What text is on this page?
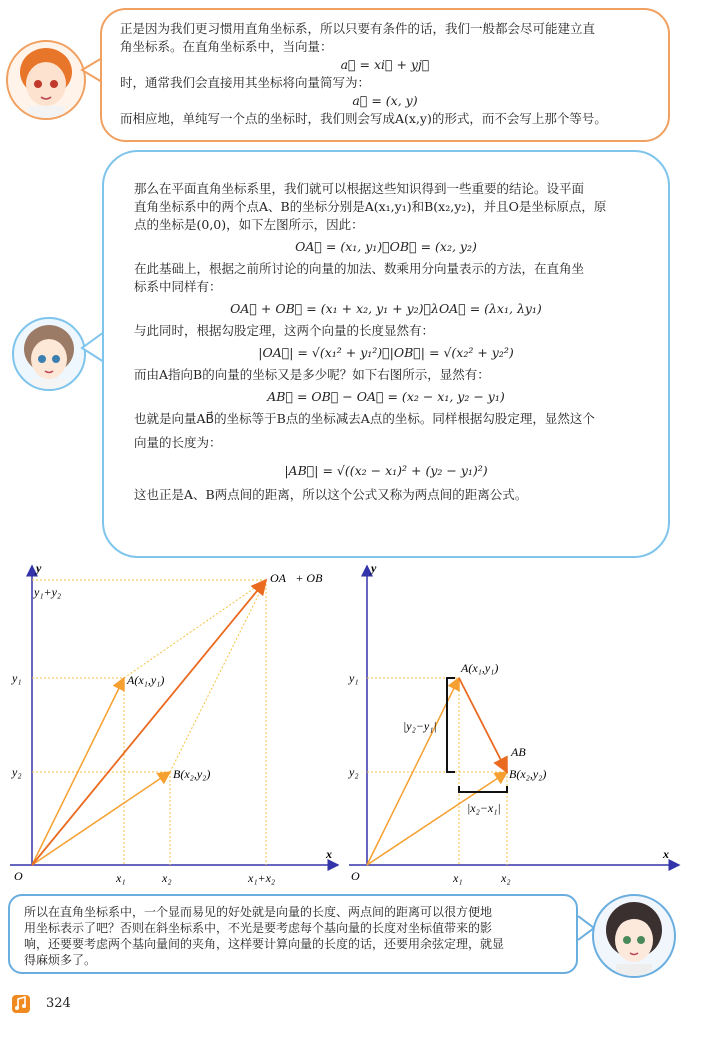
正是因为我们更习惯用直角坐标系，所以只要有条件的话，我们一般都会尽可能建立直

角坐标系。在直角坐标系中，当向量：

a⃗ = xi⃗ + yj⃗

时，通常我们会直接用其坐标将向量简写为：

a⃗ = (x, y)

而相应地，单纯写一个点的坐标时，我们则会写成A(x,y)的形式，而不会写上那个等号。

那么在平面直角坐标系里，我们就可以根据这些知识得到一些重要的结论。设平面

直角坐标系中的两个点A、B的坐标分别是A(x₁,y₁)和B(x₂,y₂)，并且O是坐标原点，原

点的坐标是(0,0)，如下左图所示，因此：

OA⃗ = (x₁, y₁)，OB⃗ = (x₂, y₂)

在此基础上，根据之前所讨论的向量的加法、数乘用分向量表示的方法，在直角坐

标系中同样有：

OA⃗ + OB⃗ = (x₁ + x₂, y₁ + y₂)，λOA⃗ = (λx₁, λy₁)

与此同时，根据勾股定理，这两个向量的长度显然有：

|OA⃗| = √(x₁² + y₁²)，|OB⃗| = √(x₂² + y₂²)

而由A指向B的向量的坐标又是多少呢？如下右图所示，显然有：

AB⃗ = OB⃗ − OA⃗ = (x₂ − x₁, y₂ − y₁)

也就是向量AB⃗的坐标等于B点的坐标减去A点的坐标。同样根据勾股定理，显然这个

向量的长度为：

|AB⃗| = √((x₂ − x₁)² + (y₂ − y₁)²)

这也正是A、B两点间的距离，所以这个公式又称为两点间的距离公式。

y
x
O
y₁+y₂
y₁
y₂
x₁	x₂	x₁+x₂
A(x₁,y₁)
B(x₂,y₂)
OA⃗+ OB⃗
y
x
O
y₁
y₂
x₁	x₂
A(x₁,y₁)
B(x₂,y₂)
AB⃗
|y₂−y₁|
|x₂−x₁|

所以在直角坐标系中，一个显而易见的好处就是向量的长度、两点间的距离可以很方便地

用坐标表示了吧？否则在斜坐标系中，不光是要考虑每个基向量的长度对坐标值带来的影

响，还要要考虑两个基向量间的夹角，这样要计算向量的长度的话，还要用余弦定理，就显

得麻烦多了。

324
